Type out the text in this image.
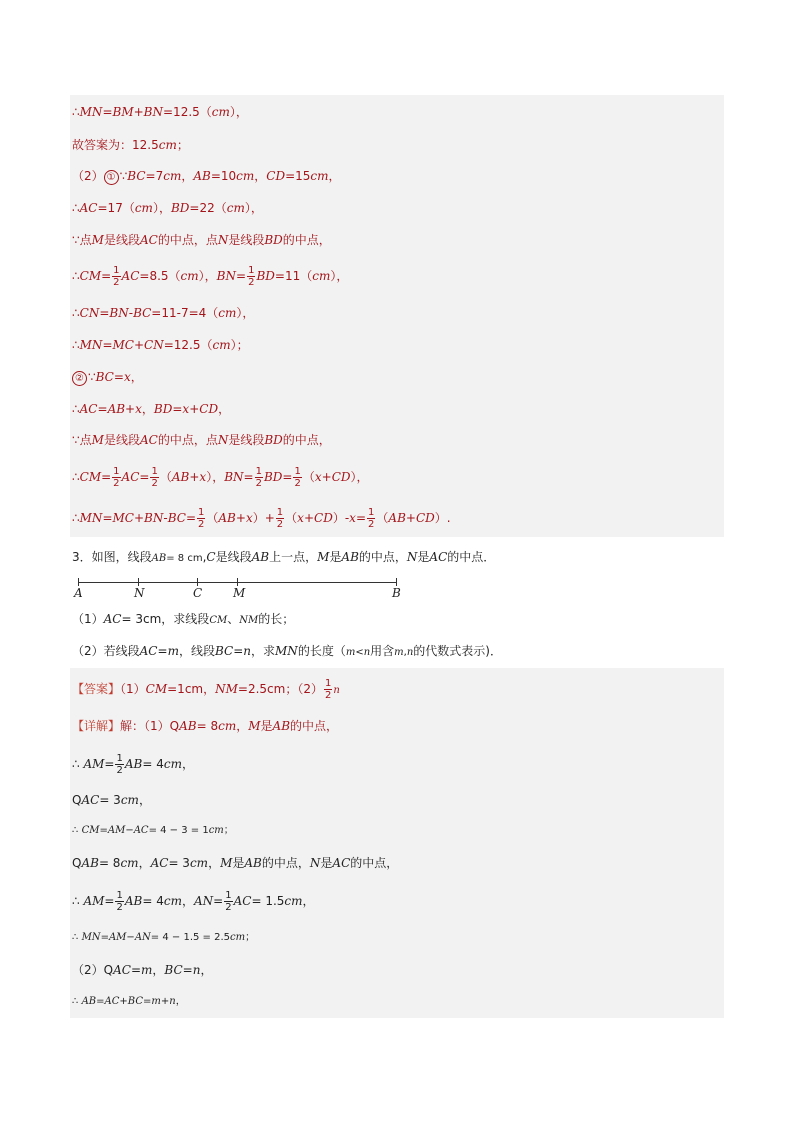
∴MN=BM+BN=12.5（cm），
故答案为：12.5cm；
（2） ① ∵BC=7cm，AB=10cm，CD=15cm，
∴AC=17（cm），BD=22（cm），
∵点M是线段AC的中点，点N是线段BD的中点，
∴CM= $\frac{1}{2} AC=8.5(cm)$，$BN= \frac{1}{2} BD=11(cm)$，
∴CN=BN-BC=11-7=4（cm），
∴MN=MC+CN=12.5（cm）；
② ∵BC=x，
∴AC=AB+x，BD=x+CD，
∵点M是线段AC的中点，点N是线段BD的中点，
∴CM= $\frac{1}{2} AC= \frac{1}{2} (AB+x)$，$BN= \frac{1}{2} BD= \frac{1}{2} (x+CD)$，
∴MN=MC+BN-BC= $\frac{1}{2} (AB+x)+ \frac{1}{2} (x+CD)-x= \frac{1}{2} (AB+CD)$.
3．如图，线段AB= 8 cm,C是线段AB上一点，M是AB的中点，N是AC的中点．
A	N	C	M	B
（1）AC= 3cm，求线段CM、NM的长；
（2）若线段AC=m，线段BC=n，求MN的长度（m<n用含m,n的代数式表示)．
【答案】（1）CM=1cm，NM=2.5cm；$(2) \frac{1}{2}$ n
【详解】解：（1）QAB= 8cm，M是AB的中点，
∴ $AM= \frac{1}{2} AB= 4cm$，
QAC= 3cm，
∴ CM=AM−AC= 4 − 3 = 1cm；
QAB= 8cm，AC= 3cm，M是AB的中点，N是AC的中点，
∴ $AM= \frac{1}{2} AB= 4cm$，$AN= \frac{1}{2} AC= 1.5cm$，
∴ MN=AM−AN= 4 − 1.5 = 2.5cm；
（2）QAC=m，BC=n，
∴ AB=AC+BC=m+n，
